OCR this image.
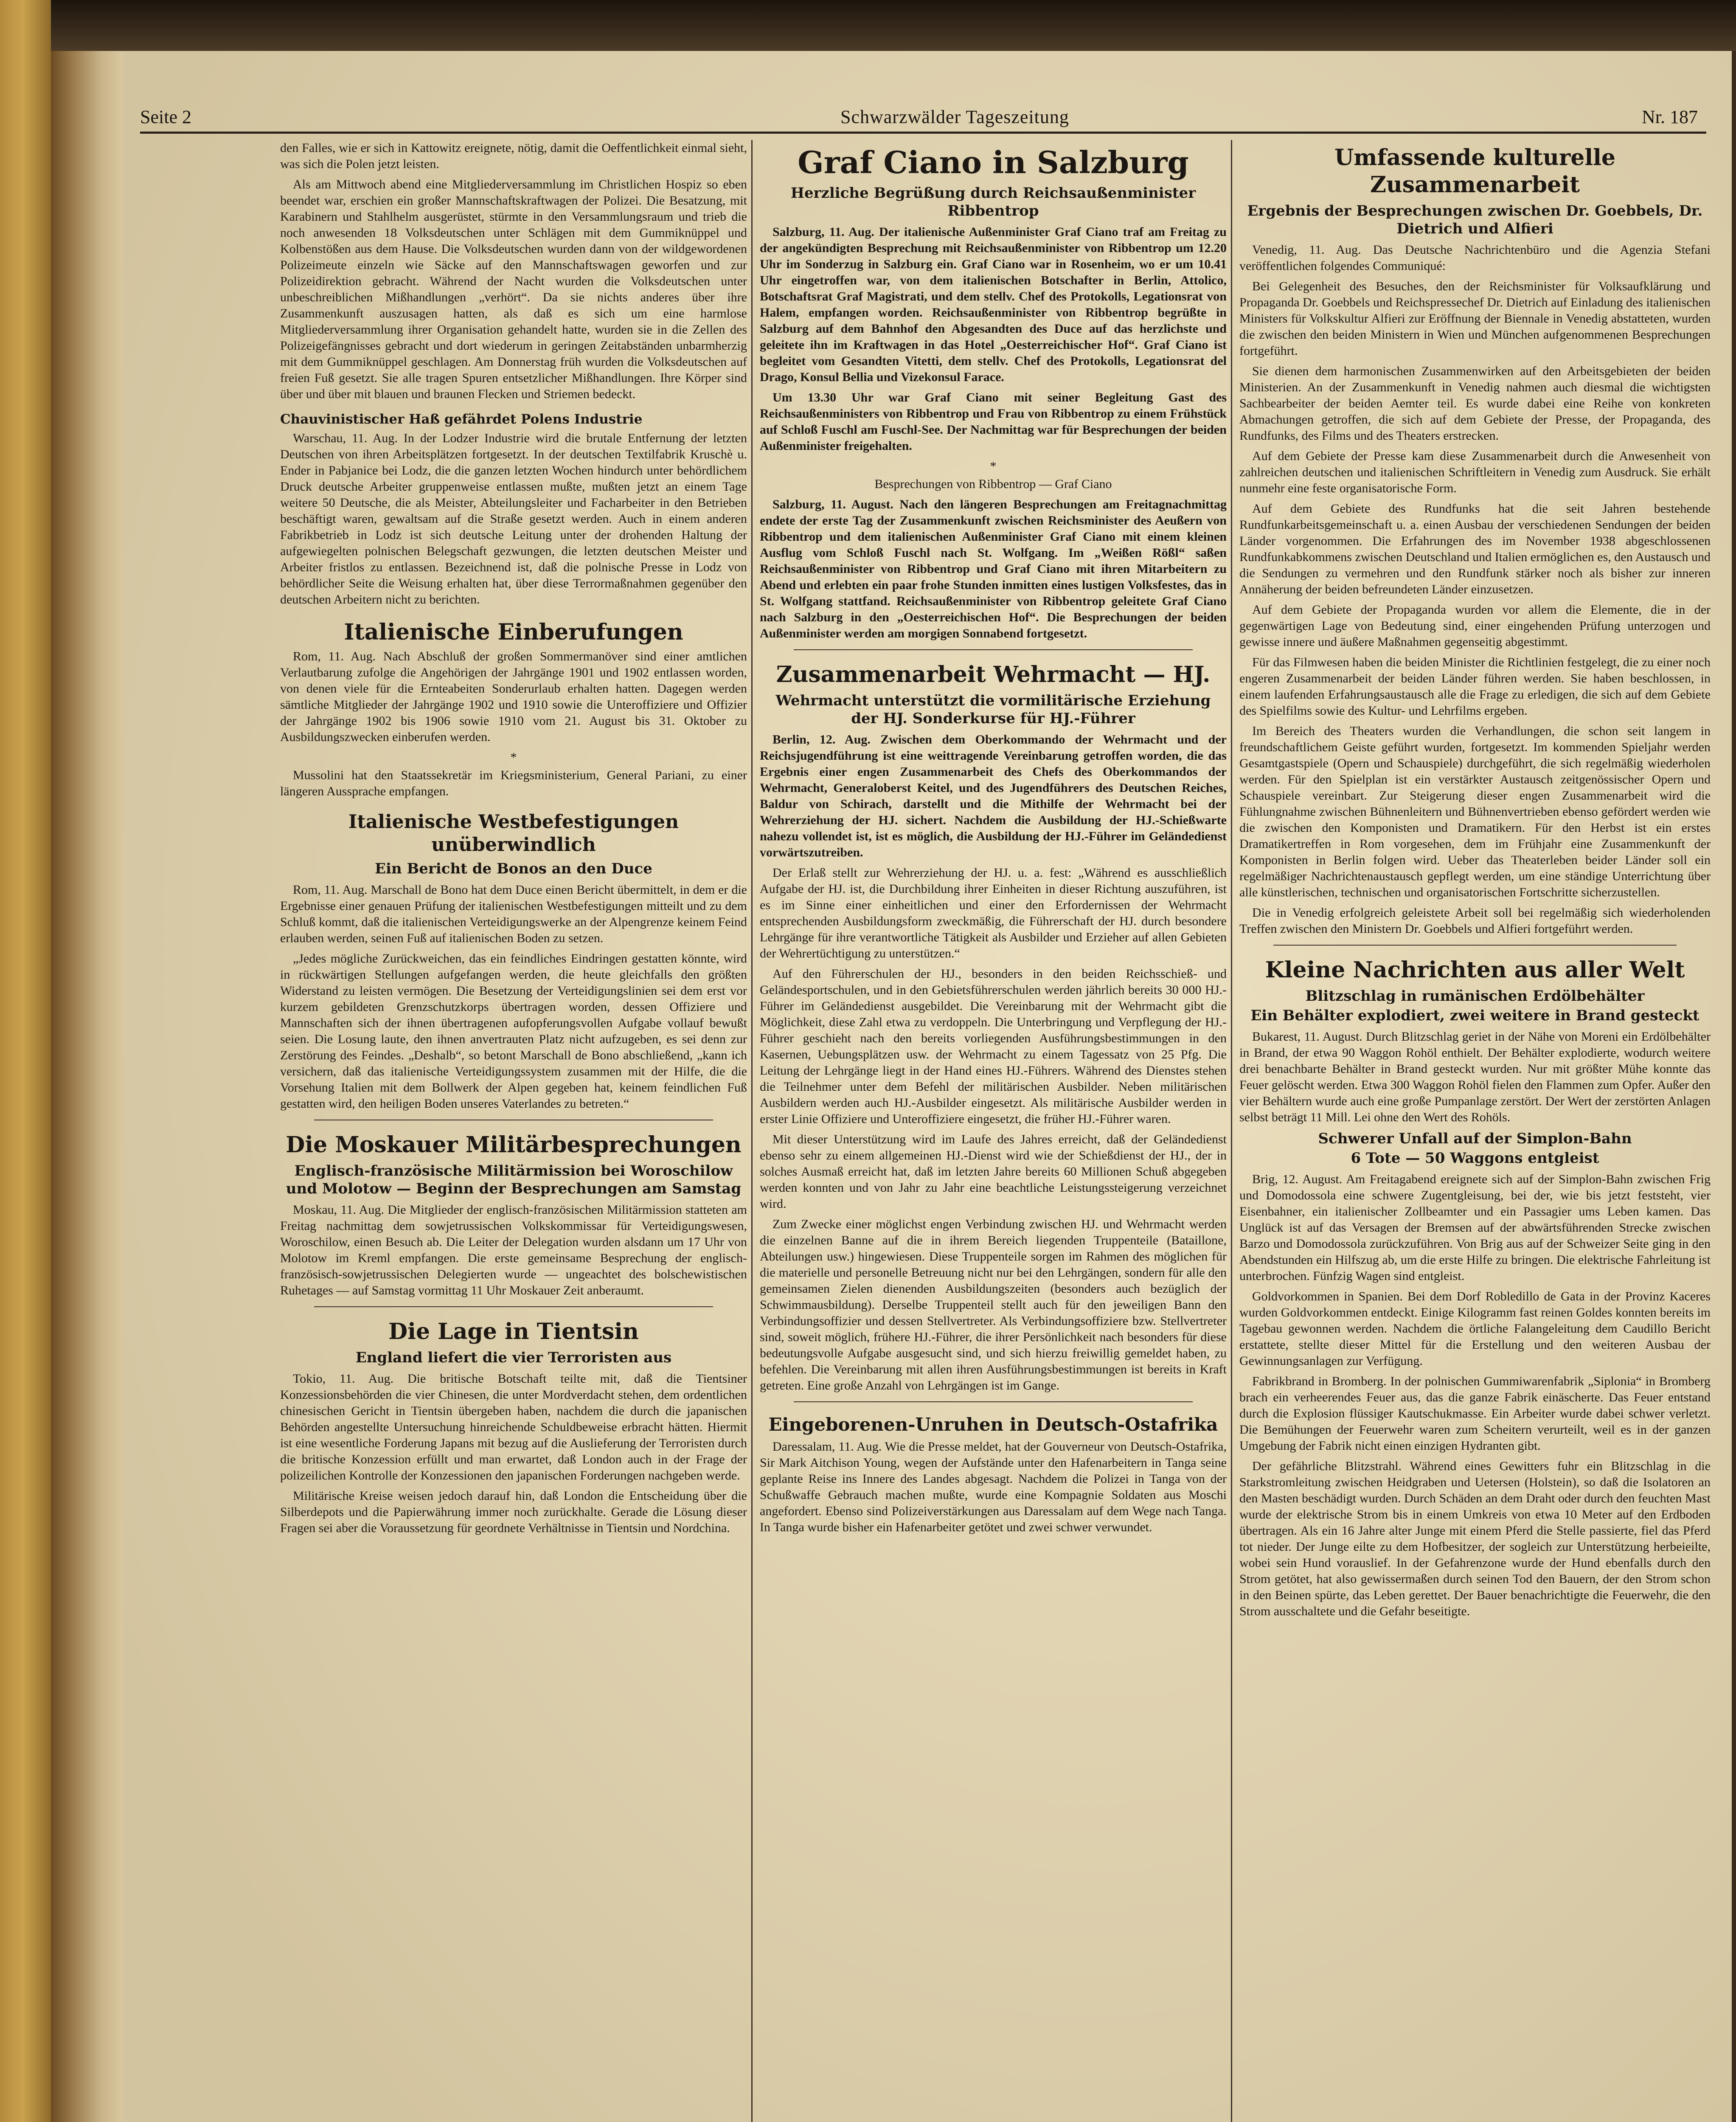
Seite 2	Schwarzwälder Tageszeitung	Nr. 187

den Falles, wie er sich in Kattowitz ereignete, nötig, damit die Oeffentlichkeit einmal sieht, was sich die Polen jetzt leisten.

Als am Mittwoch abend eine Mitgliederversammlung im Christlichen Hospiz so eben beendet war, erschien ein großer Mannschaftskraftwagen der Polizei. Die Besatzung, mit Karabinern und Stahlhelm ausgerüstet, stürmte in den Versammlungsraum und trieb die noch anwesenden 18 Volksdeutschen unter Schlägen mit dem Gummiknüppel und Kolbenstößen aus dem Hause. Die Volksdeutschen wurden dann von der wildgewordenen Polizeimeute einzeln wie Säcke auf den Mannschaftswagen geworfen und zur Polizeidirektion gebracht. Während der Nacht wurden die Volksdeutschen unter unbeschreiblichen Mißhandlungen „verhört“. Da sie nichts anderes über ihre Zusammenkunft auszusagen hatten, als daß es sich um eine harmlose Mitgliederversammlung ihrer Organisation gehandelt hatte, wurden sie in die Zellen des Polizeigefängnisses gebracht und dort wiederum in geringen Zeitabständen unbarmherzig mit dem Gummiknüppel geschlagen. Am Donnerstag früh wurden die Volksdeutschen auf freien Fuß gesetzt. Sie alle tragen Spuren entsetzlicher Mißhandlungen. Ihre Körper sind über und über mit blauen und braunen Flecken und Striemen bedeckt.

Chauvinistischer Haß gefährdet Polens Industrie

Warschau, 11. Aug. In der Lodzer Industrie wird die brutale Entfernung der letzten Deutschen von ihren Arbeitsplätzen fortgesetzt. In der deutschen Textilfabrik Kruschè u. Ender in Pabjanice bei Lodz, die die ganzen letzten Wochen hindurch unter behördlichem Druck deutsche Arbeiter gruppenweise entlassen mußte, mußten jetzt an einem Tage weitere 50 Deutsche, die als Meister, Abteilungsleiter und Facharbeiter in den Betrieben beschäftigt waren, gewaltsam auf die Straße gesetzt werden. Auch in einem anderen Fabrikbetrieb in Lodz ist sich deutsche Leitung unter der drohenden Haltung der aufgewiegelten polnischen Belegschaft gezwungen, die letzten deutschen Meister und Arbeiter fristlos zu entlassen. Bezeichnend ist, daß die polnische Presse in Lodz von behördlicher Seite die Weisung erhalten hat, über diese Terrormaßnahmen gegenüber den deutschen Arbeitern nicht zu berichten.

Italienische Einberufungen

Rom, 11. Aug. Nach Abschluß der großen Sommermanöver sind einer amtlichen Verlautbarung zufolge die Angehörigen der Jahrgänge 1901 und 1902 entlassen worden, von denen viele für die Ernteabeiten Sonderurlaub erhalten hatten. Dagegen werden sämtliche Mitglieder der Jahrgänge 1902 und 1910 sowie die Unteroffiziere und Offizier der Jahrgänge 1902 bis 1906 sowie 1910 vom 21. August bis 31. Oktober zu Ausbildungszwecken einberufen werden.

*

Mussolini hat den Staatssekretär im Kriegsministerium, General Pariani, zu einer längeren Aussprache empfangen.

Italienische Westbefestigungen unüberwindlich
Ein Bericht de Bonos an den Duce

Rom, 11. Aug. Marschall de Bono hat dem Duce einen Bericht übermittelt, in dem er die Ergebnisse einer genauen Prüfung der italienischen Westbefestigungen mitteilt und zu dem Schluß kommt, daß die italienischen Verteidigungswerke an der Alpengrenze keinem Feind erlauben werden, seinen Fuß auf italienischen Boden zu setzen.

„Jedes mögliche Zurückweichen, das ein feindliches Eindringen gestatten könnte, wird in rückwärtigen Stellungen aufgefangen werden, die heute gleichfalls den größten Widerstand zu leisten vermögen. Die Besetzung der Verteidigungslinien sei dem erst vor kurzem gebildeten Grenzschutzkorps übertragen worden, dessen Offiziere und Mannschaften sich der ihnen übertragenen aufopferungsvollen Aufgabe vollauf bewußt seien. Die Losung laute, den ihnen anvertrauten Platz nicht aufzugeben, es sei denn zur Zerstörung des Feindes. „Deshalb“, so betont Marschall de Bono abschließend, „kann ich versichern, daß das italienische Verteidigungssystem zusammen mit der Hilfe, die die Vorsehung Italien mit dem Bollwerk der Alpen gegeben hat, keinem feindlichen Fuß gestatten wird, den heiligen Boden unseres Vaterlandes zu betreten.“

Die Moskauer Militärbesprechungen
Englisch-französische Militärmission bei Woroschilow und Molotow — Beginn der Besprechungen am Samstag

Moskau, 11. Aug. Die Mitglieder der englisch-französischen Militärmission statteten am Freitag nachmittag dem sowjetrussischen Volkskommissar für Verteidigungswesen, Woroschilow, einen Besuch ab. Die Leiter der Delegation wurden alsdann um 17 Uhr von Molotow im Kreml empfangen. Die erste gemeinsame Besprechung der englisch-französisch-sowjetrussischen Delegierten wurde — ungeachtet des bolschewistischen Ruhetages — auf Samstag vormittag 11 Uhr Moskauer Zeit anberaumt.

Die Lage in Tientsin
England liefert die vier Terroristen aus

Tokio, 11. Aug. Die britische Botschaft teilte mit, daß die Tientsiner Konzessionsbehörden die vier Chinesen, die unter Mordverdacht stehen, dem ordentlichen chinesischen Gericht in Tientsin übergeben haben, nachdem die durch die japanischen Behörden angestellte Untersuchung hinreichende Schuldbeweise erbracht hätten. Hiermit ist eine wesentliche Forderung Japans mit bezug auf die Auslieferung der Terroristen durch die britische Konzession erfüllt und man erwartet, daß London auch in der Frage der polizeilichen Kontrolle der Konzessionen den japanischen Forderungen nachgeben werde.

Militärische Kreise weisen jedoch darauf hin, daß London die Entscheidung über die Silberdepots und die Papierwährung immer noch zurückhalte. Gerade die Lösung dieser Fragen sei aber die Voraussetzung für geordnete Verhältnisse in Tientsin und Nordchina.

Graf Ciano in Salzburg
Herzliche Begrüßung durch Reichsaußenminister Ribbentrop

Salzburg, 11. Aug. Der italienische Außenminister Graf Ciano traf am Freitag zu der angekündigten Besprechung mit Reichsaußenminister von Ribbentrop um 12.20 Uhr im Sonderzug in Salzburg ein. Graf Ciano war in Rosenheim, wo er um 10.41 Uhr eingetroffen war, von dem italienischen Botschafter in Berlin, Attolico, Botschaftsrat Graf Magistrati, und dem stellv. Chef des Protokolls, Legationsrat von Halem, empfangen worden. Reichsaußenminister von Ribbentrop begrüßte in Salzburg auf dem Bahnhof den Abgesandten des Duce auf das herzlichste und geleitete ihn im Kraftwagen in das Hotel „Oesterreichischer Hof“. Graf Ciano ist begleitet vom Gesandten Vitetti, dem stellv. Chef des Protokolls, Legationsrat del Drago, Konsul Bellia und Vizekonsul Farace.

Um 13.30 Uhr war Graf Ciano mit seiner Begleitung Gast des Reichsaußenministers von Ribbentrop und Frau von Ribbentrop zu einem Frühstück auf Schloß Fuschl am Fuschl-See. Der Nachmittag war für Besprechungen der beiden Außenminister freigehalten.

*

Besprechungen von Ribbentrop — Graf Ciano

Salzburg, 11. August. Nach den längeren Besprechungen am Freitagnachmittag endete der erste Tag der Zusammenkunft zwischen Reichsminister des Aeußern von Ribbentrop und dem italienischen Außenminister Graf Ciano mit einem kleinen Ausflug vom Schloß Fuschl nach St. Wolfgang. Im „Weißen Rößl“ saßen Reichsaußenminister von Ribbentrop und Graf Ciano mit ihren Mitarbeitern zu Abend und erlebten ein paar frohe Stunden inmitten eines lustigen Volksfestes, das in St. Wolfgang stattfand. Reichsaußenminister von Ribbentrop geleitete Graf Ciano nach Salzburg in den „Oesterreichischen Hof“. Die Besprechungen der beiden Außenminister werden am morgigen Sonnabend fortgesetzt.

Zusammenarbeit Wehrmacht — HJ.
Wehrmacht unterstützt die vormilitärische Erziehung der HJ. Sonderkurse für HJ.-Führer

Berlin, 12. Aug. Zwischen dem Oberkommando der Wehrmacht und der Reichsjugendführung ist eine weittragende Vereinbarung getroffen worden, die das Ergebnis einer engen Zusammenarbeit des Chefs des Oberkommandos der Wehrmacht, Generaloberst Keitel, und des Jugendführers des Deutschen Reiches, Baldur von Schirach, darstellt und die Mithilfe der Wehrmacht bei der Wehrerziehung der HJ. sichert. Nachdem die Ausbildung der HJ.-Schießwarte nahezu vollendet ist, ist es möglich, die Ausbildung der HJ.-Führer im Geländedienst vorwärtszutreiben.

Der Erlaß stellt zur Wehrerziehung der HJ. u. a. fest: „Während es ausschließlich Aufgabe der HJ. ist, die Durchbildung ihrer Einheiten in dieser Richtung auszuführen, ist es im Sinne einer einheitlichen und einer den Erfordernissen der Wehrmacht entsprechenden Ausbildungsform zweckmäßig, die Führerschaft der HJ. durch besondere Lehrgänge für ihre verantwortliche Tätigkeit als Ausbilder und Erzieher auf allen Gebieten der Wehrertüchtigung zu unterstützen.“

Auf den Führerschulen der HJ., besonders in den beiden Reichsschieß- und Geländesportschulen, und in den Gebietsführerschulen werden jährlich bereits 30 000 HJ.-Führer im Geländedienst ausgebildet. Die Vereinbarung mit der Wehrmacht gibt die Möglichkeit, diese Zahl etwa zu verdoppeln. Die Unterbringung und Verpflegung der HJ.-Führer geschieht nach den bereits vorliegenden Ausführungsbestimmungen in den Kasernen, Uebungsplätzen usw. der Wehrmacht zu einem Tagessatz von 25 Pfg. Die Leitung der Lehrgänge liegt in der Hand eines HJ.-Führers. Während des Dienstes stehen die Teilnehmer unter dem Befehl der militärischen Ausbilder. Neben militärischen Ausbildern werden auch HJ.-Ausbilder eingesetzt. Als militärische Ausbilder werden in erster Linie Offiziere und Unteroffiziere eingesetzt, die früher HJ.-Führer waren.

Mit dieser Unterstützung wird im Laufe des Jahres erreicht, daß der Geländedienst ebenso sehr zu einem allgemeinen HJ.-Dienst wird wie der Schießdienst der HJ., der in solches Ausmaß erreicht hat, daß im letzten Jahre bereits 60 Millionen Schuß abgegeben werden konnten und von Jahr zu Jahr eine beachtliche Leistungssteigerung verzeichnet wird.

Zum Zwecke einer möglichst engen Verbindung zwischen HJ. und Wehrmacht werden die einzelnen Banne auf die in ihrem Bereich liegenden Truppenteile (Bataillone, Abteilungen usw.) hingewiesen. Diese Truppenteile sorgen im Rahmen des möglichen für die materielle und personelle Betreuung nicht nur bei den Lehrgängen, sondern für alle den gemeinsamen Zielen dienenden Ausbildungszeiten (besonders auch bezüglich der Schwimmausbildung). Derselbe Truppenteil stellt auch für den jeweiligen Bann den Verbindungsoffizier und dessen Stellvertreter. Als Verbindungsoffiziere bzw. Stellvertreter sind, soweit möglich, frühere HJ.-Führer, die ihrer Persönlichkeit nach besonders für diese bedeutungsvolle Aufgabe ausgesucht sind, und sich hierzu freiwillig gemeldet haben, zu befehlen. Die Vereinbarung mit allen ihren Ausführungsbestimmungen ist bereits in Kraft getreten. Eine große Anzahl von Lehrgängen ist im Gange.

Eingeborenen-Unruhen in Deutsch-Ostafrika

Daressalam, 11. Aug. Wie die Presse meldet, hat der Gouverneur von Deutsch-Ostafrika, Sir Mark Aitchison Young, wegen der Aufstände unter den Hafenarbeitern in Tanga seine geplante Reise ins Innere des Landes abgesagt. Nachdem die Polizei in Tanga von der Schußwaffe Gebrauch machen mußte, wurde eine Kompagnie Soldaten aus Moschi angefordert. Ebenso sind Polizeiverstärkungen aus Daressalam auf dem Wege nach Tanga. In Tanga wurde bisher ein Hafenarbeiter getötet und zwei schwer verwundet.

Umfassende kulturelle Zusammenarbeit
Ergebnis der Besprechungen zwischen Dr. Goebbels, Dr. Dietrich und Alfieri

Venedig, 11. Aug. Das Deutsche Nachrichtenbüro und die Agenzia Stefani veröffentlichen folgendes Communiqué:

Bei Gelegenheit des Besuches, den der Reichsminister für Volksaufklärung und Propaganda Dr. Goebbels und Reichspressechef Dr. Dietrich auf Einladung des italienischen Ministers für Volkskultur Alfieri zur Eröffnung der Biennale in Venedig abstatteten, wurden die zwischen den beiden Ministern in Wien und München aufgenommenen Besprechungen fortgeführt.

Sie dienen dem harmonischen Zusammenwirken auf den Arbeitsgebieten der beiden Ministerien. An der Zusammenkunft in Venedig nahmen auch diesmal die wichtigsten Sachbearbeiter der beiden Aemter teil. Es wurde dabei eine Reihe von konkreten Abmachungen getroffen, die sich auf dem Gebiete der Presse, der Propaganda, des Rundfunks, des Films und des Theaters erstrecken.

Auf dem Gebiete der Presse kam diese Zusammenarbeit durch die Anwesenheit von zahlreichen deutschen und italienischen Schriftleitern in Venedig zum Ausdruck. Sie erhält nunmehr eine feste organisatorische Form.

Auf dem Gebiete des Rundfunks hat die seit Jahren bestehende Rundfunkarbeitsgemeinschaft u. a. einen Ausbau der verschiedenen Sendungen der beiden Länder vorgenommen. Die Erfahrungen des im November 1938 abgeschlossenen Rundfunkabkommens zwischen Deutschland und Italien ermöglichen es, den Austausch und die Sendungen zu vermehren und den Rundfunk stärker noch als bisher zur inneren Annäherung der beiden befreundeten Länder einzusetzen.

Auf dem Gebiete der Propaganda wurden vor allem die Elemente, die in der gegenwärtigen Lage von Bedeutung sind, einer eingehenden Prüfung unterzogen und gewisse innere und äußere Maßnahmen gegenseitig abgestimmt.

Für das Filmwesen haben die beiden Minister die Richtlinien festgelegt, die zu einer noch engeren Zusammenarbeit der beiden Länder führen werden. Sie haben beschlossen, in einem laufenden Erfahrungsaustausch alle die Frage zu erledigen, die sich auf dem Gebiete des Spielfilms sowie des Kultur- und Lehrfilms ergeben.

Im Bereich des Theaters wurden die Verhandlungen, die schon seit langem in freundschaftlichem Geiste geführt wurden, fortgesetzt. Im kommenden Spieljahr werden Gesamtgastspiele (Opern und Schauspiele) durchgeführt, die sich regelmäßig wiederholen werden. Für den Spielplan ist ein verstärkter Austausch zeitgenössischer Opern und Schauspiele vereinbart. Zur Steigerung dieser engen Zusammenarbeit wird die Fühlungnahme zwischen Bühnenleitern und Bühnenvertrieben ebenso gefördert werden wie die zwischen den Komponisten und Dramatikern. Für den Herbst ist ein erstes Dramatikertreffen in Rom vorgesehen, dem im Frühjahr eine Zusammenkunft der Komponisten in Berlin folgen wird. Ueber das Theaterleben beider Länder soll ein regelmäßiger Nachrichtenaustausch gepflegt werden, um eine ständige Unterrichtung über alle künstlerischen, technischen und organisatorischen Fortschritte sicherzustellen.

Die in Venedig erfolgreich geleistete Arbeit soll bei regelmäßig sich wiederholenden Treffen zwischen den Ministern Dr. Goebbels und Alfieri fortgeführt werden.

Kleine Nachrichten aus aller Welt
Blitzschlag in rumänischen Erdölbehälter
Ein Behälter explodiert, zwei weitere in Brand gesteckt

Bukarest, 11. August. Durch Blitzschlag geriet in der Nähe von Moreni ein Erdölbehälter in Brand, der etwa 90 Waggon Rohöl enthielt. Der Behälter explodierte, wodurch weitere drei benachbarte Behälter in Brand gesteckt wurden. Nur mit größter Mühe konnte das Feuer gelöscht werden. Etwa 300 Waggon Rohöl fielen den Flammen zum Opfer. Außer den vier Behältern wurde auch eine große Pumpanlage zerstört. Der Wert der zerstörten Anlagen selbst beträgt 11 Mill. Lei ohne den Wert des Rohöls.

Schwerer Unfall auf der Simplon-Bahn
6 Tote — 50 Waggons entgleist

Brig, 12. August. Am Freitagabend ereignete sich auf der Simplon-Bahn zwischen Frig und Domodossola eine schwere Zugentgleisung, bei der, wie bis jetzt feststeht, vier Eisenbahner, ein italienischer Zollbeamter und ein Passagier ums Leben kamen. Das Unglück ist auf das Versagen der Bremsen auf der abwärtsführenden Strecke zwischen Barzo und Domodossola zurückzuführen. Von Brig aus auf der Schweizer Seite ging in den Abendstunden ein Hilfszug ab, um die erste Hilfe zu bringen. Die elektrische Fahrleitung ist unterbrochen. Fünfzig Wagen sind entgleist.

Goldvorkommen in Spanien. Bei dem Dorf Robledillo de Gata in der Provinz Kaceres wurden Goldvorkommen entdeckt. Einige Kilogramm fast reinen Goldes konnten bereits im Tagebau gewonnen werden. Nachdem die örtliche Falangeleitung dem Caudillo Bericht erstattete, stellte dieser Mittel für die Erstellung und den weiteren Ausbau der Gewinnungsanlagen zur Verfügung.

Fabrikbrand in Bromberg. In der polnischen Gummiwarenfabrik „Siplonia“ in Bromberg brach ein verheerendes Feuer aus, das die ganze Fabrik einäscherte. Das Feuer entstand durch die Explosion flüssiger Kautschukmasse. Ein Arbeiter wurde dabei schwer verletzt. Die Bemühungen der Feuerwehr waren zum Scheitern verurteilt, weil es in der ganzen Umgebung der Fabrik nicht einen einzigen Hydranten gibt.

Der gefährliche Blitzstrahl. Während eines Gewitters fuhr ein Blitzschlag in die Starkstromleitung zwischen Heidgraben und Uetersen (Holstein), so daß die Isolatoren an den Masten beschädigt wurden. Durch Schäden an dem Draht oder durch den feuchten Mast wurde der elektrische Strom bis in einem Umkreis von etwa 10 Meter auf den Erdboden übertragen. Als ein 16 Jahre alter Junge mit einem Pferd die Stelle passierte, fiel das Pferd tot nieder. Der Junge eilte zu dem Hofbesitzer, der sogleich zur Unterstützung herbeieilte, wobei sein Hund vorauslief. In der Gefahrenzone wurde der Hund ebenfalls durch den Strom getötet, hat also gewissermaßen durch seinen Tod den Bauern, der den Strom schon in den Beinen spürte, das Leben gerettet. Der Bauer benachrichtigte die Feuerwehr, die den Strom ausschaltete und die Gefahr beseitigte.
